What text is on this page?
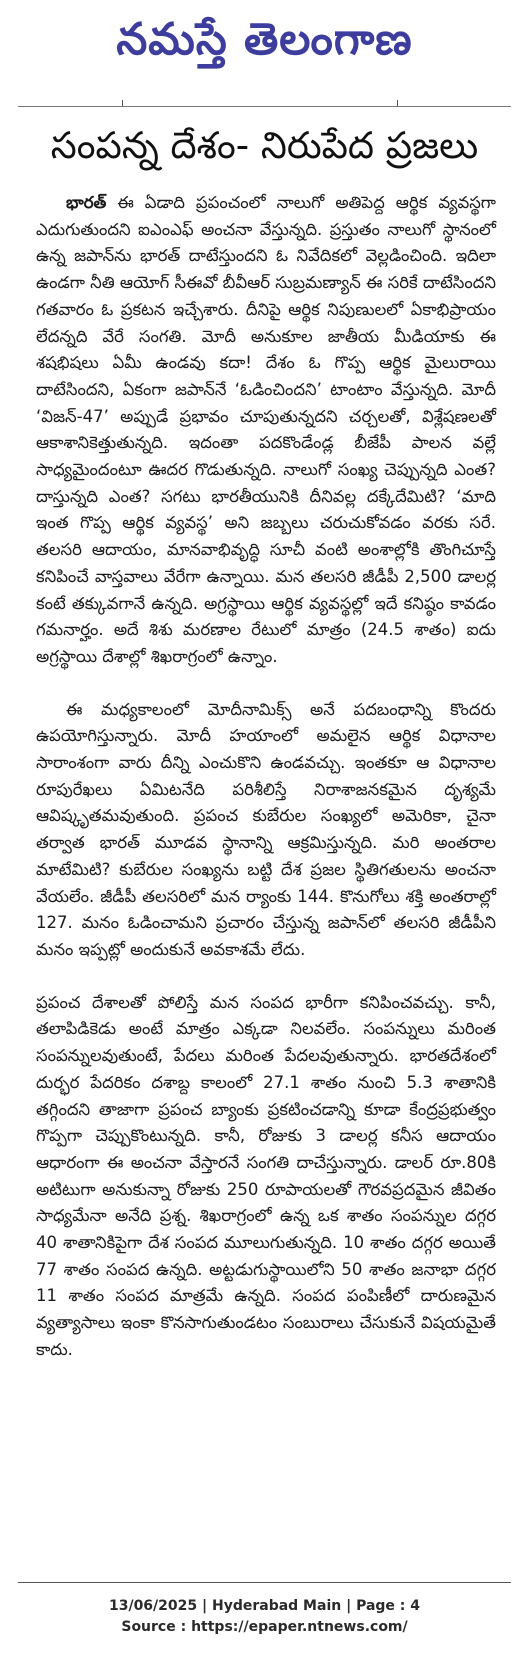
నమస్తే తెలంగాణ
సంపన్న దేశం- నిరుపేద ప్రజలు

భారత్ ఈ ఏడాది ప్రపంచంలో నాలుగో అతిపెద్ద ఆర్థిక వ్యవస్థగా ఎదుగుతుందని ఐఎంఎఫ్ అంచనా వేస్తున్నది. ప్రస్తుతం నాలుగో స్థానంలో ఉన్న జపాన్‌ను భారత్ దాటేస్తుందని ఓ నివేదికలో వెల్లడించింది. ఇదిలా ఉండగా నీతి ఆయోగ్ సీఈవో బీవీఆర్ సుబ్రమణ్యాన్ ఈ సరికే దాటేసిందని గతవారం ఓ ప్రకటన ఇచ్చేశారు. దీనిపై ఆర్థిక నిపుణులలో ఏకాభిప్రాయం లేదన్నది వేరే సంగతి. మోదీ అనుకూల జాతీయ మీడియాకు ఈ శషభిషలు ఏమీ ఉండవు కదా! దేశం ఓ గొప్ప ఆర్థిక మైలురాయి దాటేసిందని, ఏకంగా జపాన్‌నే ‘ఓడించిందని’ టాంటాం వేస్తున్నది. మోదీ ‘విజన్-47’ అప్పుడే ప్రభావం చూపుతున్నదని చర్చలతో, విశ్లేషణలతో ఆకాశానికెత్తుతున్నది. ఇదంతా పదకొండేండ్ల బీజేపీ పాలన వల్లే సాధ్యమైందంటూ ఊదర గొడుతున్నది. నాలుగో సంఖ్య చెప్పున్నది ఎంత? దాస్తున్నది ఎంత? సగటు భారతీయునికి దీనివల్ల దక్కేదేమిటి? ‘మాది ఇంత గొప్ప ఆర్థిక వ్యవస్థ’ అని జబ్బలు చరుచుకోవడం వరకు సరే. తలసరి ఆదాయం, మానవాభివృద్ధి సూచీ వంటి అంశాల్లోకి తొంగిచూస్తే కనిపించే వాస్తవాలు వేరేగా ఉన్నాయి. మన తలసరి జీడీపీ 2,500 డాలర్ల కంటే తక్కువగానే ఉన్నది. అగ్రస్థాయి ఆర్థిక వ్యవస్థల్లో ఇదే కనిష్ఠం కావడం గమనార్హం. అదే శిశు మరణాల రేటులో మాత్రం (24.5 శాతం) ఐదు అగ్రస్థాయి దేశాల్లో శిఖరాగ్రంలో ఉన్నాం.

ఈ మధ్యకాలంలో మోదీనామిక్స్ అనే పదబంధాన్ని కొందరు ఉపయోగిస్తున్నారు. మోదీ హయాంలో అమలైన ఆర్థిక విధానాల సారాంశంగా వారు దీన్ని ఎంచుకొని ఉండవచ్చు. ఇంతకూ ఆ విధానాల రూపురేఖలు ఏమిటనేది పరిశీలిస్తే నిరాశాజనకమైన దృశ్యమే ఆవిష్కృతమవుతుంది. ప్రపంచ కుబేరుల సంఖ్యలో అమెరికా, చైనా తర్వాత భారత్ మూడవ స్థానాన్ని ఆక్రమిస్తున్నది. మరి అంతరాల మాటేమిటి? కుబేరుల సంఖ్యను బట్టి దేశ ప్రజల స్థితిగతులను అంచనా వేయలేం. జీడీపీ తలసరిలో మన ర్యాంకు 144. కొనుగోలు శక్తి అంతరాల్లో 127. మనం ఓడించామని ప్రచారం చేస్తున్న జపాన్‌లో తలసరి జీడీపీని మనం ఇప్పట్లో అందుకునే అవకాశమే లేదు.

ప్రపంచ దేశాలతో పోలిస్తే మన సంపద భారీగా కనిపించవచ్చు. కానీ, తలాపిడికెడు అంటే మాత్రం ఎక్కడా నిలవలేం. సంపన్నులు మరింత సంపన్నులవుతుంటే, పేదలు మరింత పేదలవుతున్నారు. భారతదేశంలో దుర్భర పేదరికం దశాబ్ద కాలంలో 27.1 శాతం నుంచి 5.3 శాతానికి తగ్గిందని తాజాగా ప్రపంచ బ్యాంకు ప్రకటించడాన్ని కూడా కేంద్రప్రభుత్వం గొప్పగా చెప్పుకొంటున్నది. కానీ, రోజుకు 3 డాలర్ల కనీస ఆదాయం ఆధారంగా ఈ అంచనా వేస్తారనే సంగతి దాచేస్తున్నారు. డాలర్ రూ.80కి అటిటుగా అనుకున్నా రోజుకు 250 రూపాయలతో గౌరవప్రదమైన జీవితం సాధ్యమేనా అనేది ప్రశ్న. శిఖరాగ్రంలో ఉన్న ఒక శాతం సంపన్నుల దగ్గర 40 శాతానికిపైగా దేశ సంపద మూలుగుతున్నది. 10 శాతం దగ్గర అయితే 77 శాతం సంపద ఉన్నది. అట్టడుగుస్థాయిలోని 50 శాతం జనాభా దగ్గర 11 శాతం సంపద మాత్రమే ఉన్నది. సంపద పంపిణీలో దారుణమైన వ్యత్యాసాలు ఇంకా కొనసాగుతుండటం సంబురాలు చేసుకునే విషయమైతే కాదు.

13/06/2025 | Hyderabad Main | Page : 4
Source : https://epaper.ntnews.com/
